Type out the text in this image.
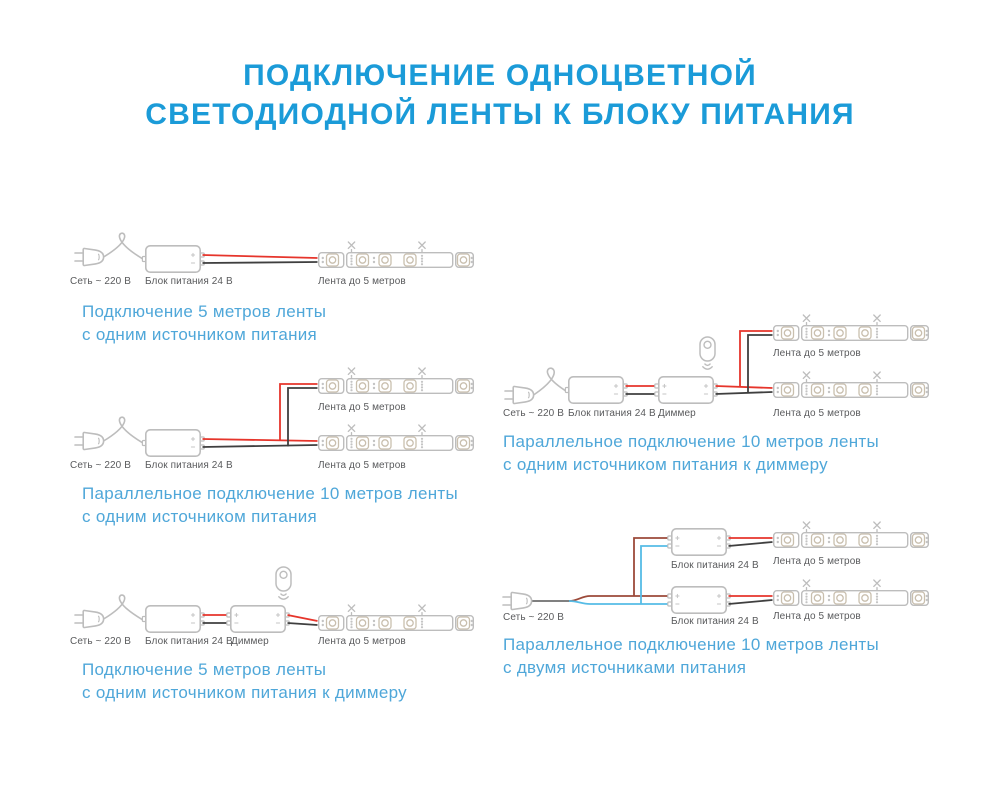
ПОДКЛЮЧЕНИЕ ОДНОЦВЕТНОЙ
СВЕТОДИОДНОЙ ЛЕНТЫ К БЛОКУ ПИТАНИЯ
Сеть ~ 220 В Блок питания 24 В	Лента до 5 метров
Подключение 5 метров ленты
с одним источником питания
Лента до 5 метров
Сеть ~ 220 В Блок питания 24 В	Лента до 5 метров
Параллельное подключение 10 метров ленты
с одним источником питания
Сеть ~ 220 В Блок питания 24 В
Диммер	Лента до 5 метров
Подключение 5 метров ленты
с одним источником питания к диммеру
Лента до 5 метров
Сеть ~ 220 В Блок питания 24 В Диммер	Лента до 5 метров
Параллельное подключение 10 метров ленты
с одним источником питания к диммеру
Лента до 5 метров
Блок питания 24 В
Сеть ~ 220 В	Лента до 5 метров
Блок питания 24 В
Параллельное подключение 10 метров ленты
с двумя источниками питания
